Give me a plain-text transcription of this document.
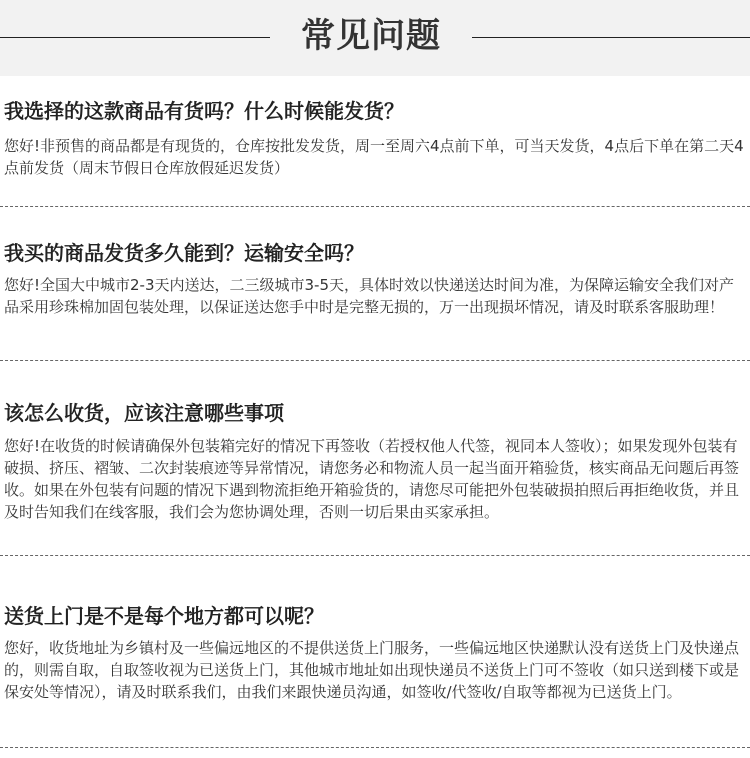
常见问题
我选择的这款商品有货吗？什么时候能发货？
您好!非预售的商品都是有现货的，仓库按批发发货，周一至周六4点前下单，可当天发货，4点后下单在第二天4点前发货（周末节假日仓库放假延迟发货）
我买的商品发货多久能到？运输安全吗？
您好!全国大中城市2-3天内送达，二三级城市3-5天，具体时效以快递送达时间为准，为保障运输安全我们对产品采用珍珠棉加固包装处理，以保证送达您手中时是完整无损的，万一出现损坏情况，请及时联系客服助理！
该怎么收货，应该注意哪些事项
您好!在收货的时候请确保外包装箱完好的情况下再签收（若授权他人代签，视同本人签收）；如果发现外包装有破损、挤压、褶皱、二次封装痕迹等异常情况，请您务必和物流人员一起当面开箱验货，核实商品无问题后再签收。如果在外包装有问题的情况下遇到物流拒绝开箱验货的，请您尽可能把外包装破损拍照后再拒绝收货，并且及时告知我们在线客服，我们会为您协调处理，否则一切后果由买家承担。
送货上门是不是每个地方都可以呢？
您好，收货地址为乡镇村及一些偏远地区的不提供送货上门服务，一些偏远地区快递默认没有送货上门及快递点的，则需自取，自取签收视为已送货上门，其他城市地址如出现快递员不送货上门可不签收（如只送到楼下或是保安处等情况），请及时联系我们，由我们来跟快递员沟通，如签收/代签收/自取等都视为已送货上门。
